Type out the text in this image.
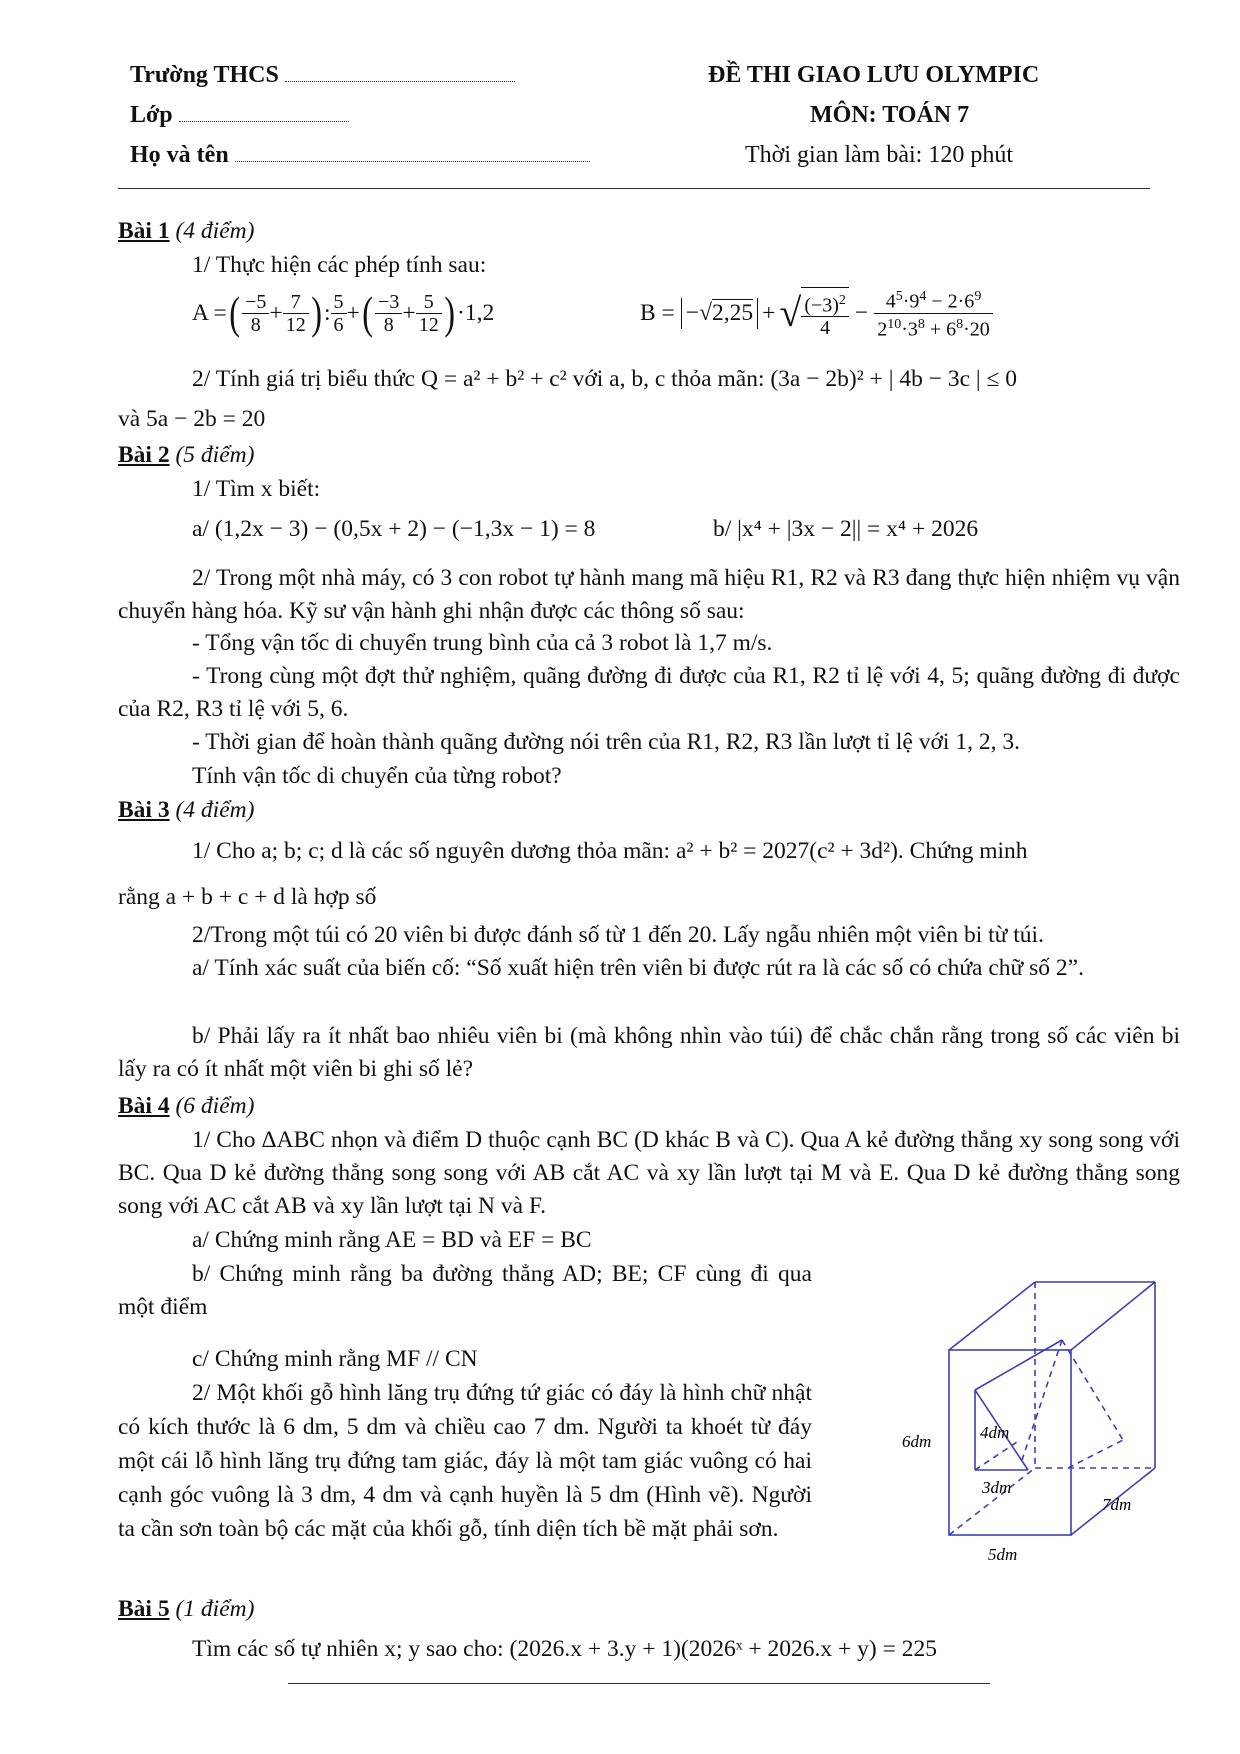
Trường THCS
Lớp
Họ và tên
ĐỀ THI GIAO LƯU OLYMPIC
MÔN: TOÁN 7
Thời gian làm bài: 120 phút
Bài 1 (4 điểm)
1/ Thực hiện các phép tính sau:
A = ( $\frac{-5}{8} + \frac{7}{12}$ ) : $\frac{5}{6}$ + ( $\frac{-3}{8} + \frac{5}{12}$ ) ·1,2	B = −√2,25 + √ $\frac{(-3)^2}{4} - \frac{4^5\cdot 9^4 - 2\cdot 6^9}{2^{10}\cdot 3^8 + 6^8\cdot 20}$
2/ Tính giá trị biểu thức Q = a² + b² + c² với a, b, c thỏa mãn: (3a − 2b)² + | 4b − 3c | ≤ 0
và 5a − 2b = 20
Bài 2 (5 điểm)
1/ Tìm x biết:
a/ (1,2x − 3) − (0,5x + 2) − (−1,3x − 1) = 8	b/ |x⁴ + |3x − 2|| = x⁴ + 2026
2/ Trong một nhà máy, có 3 con robot tự hành mang mã hiệu R1, R2 và R3 đang thực hiện nhiệm vụ vận chuyển hàng hóa. Kỹ sư vận hành ghi nhận được các thông số sau:
- Tổng vận tốc di chuyển trung bình của cả 3 robot là 1,7 m/s.
- Trong cùng một đợt thử nghiệm, quãng đường đi được của R1, R2 tỉ lệ với 4, 5; quãng đường đi được của R2, R3 tỉ lệ với 5, 6.
- Thời gian để hoàn thành quãng đường nói trên của R1, R2, R3 lần lượt tỉ lệ với 1, 2, 3.
Tính vận tốc di chuyển của từng robot?
Bài 3 (4 điểm)
1/ Cho a; b; c; d là các số nguyên dương thỏa mãn: a² + b² = 2027(c² + 3d²). Chứng minh
rằng a + b + c + d là hợp số
2/Trong một túi có 20 viên bi được đánh số từ 1 đến 20. Lấy ngẫu nhiên một viên bi từ túi.
a/ Tính xác suất của biến cố: “Số xuất hiện trên viên bi được rút ra là các số có chứa chữ số 2”.
b/ Phải lấy ra ít nhất bao nhiêu viên bi (mà không nhìn vào túi) để chắc chắn rằng trong số các viên bi lấy ra có ít nhất một viên bi ghi số lẻ?
Bài 4 (6 điểm)
1/ Cho ΔABC nhọn và điểm D thuộc cạnh BC (D khác B và C). Qua A kẻ đường thẳng xy song song với BC. Qua D kẻ đường thẳng song song với AB cắt AC và xy lần lượt tại M và E. Qua D kẻ đường thẳng song song với AC cắt AB và xy lần lượt tại N và F.
a/ Chứng minh rằng AE = BD và EF = BC
b/ Chứng minh rằng ba đường thẳng AD; BE; CF cùng đi qua một điểm
c/ Chứng minh rằng MF // CN
2/ Một khối gỗ hình lăng trụ đứng tứ giác có đáy là hình chữ nhật có kích thước là 6 dm, 5 dm và chiều cao 7 dm. Người ta khoét từ đáy một cái lỗ hình lăng trụ đứng tam giác, đáy là một tam giác vuông có hai cạnh góc vuông là 3 dm, 4 dm và cạnh huyền là 5 dm (Hình vẽ). Người ta cần sơn toàn bộ các mặt của khối gỗ, tính diện tích bề mặt phải sơn.
6dm	4dm
3dm
7dm
5dm
Bài 5 (1 điểm)
Tìm các số tự nhiên x; y sao cho: (2026.x + 3.y + 1)(2026ˣ + 2026.x + y) = 225
